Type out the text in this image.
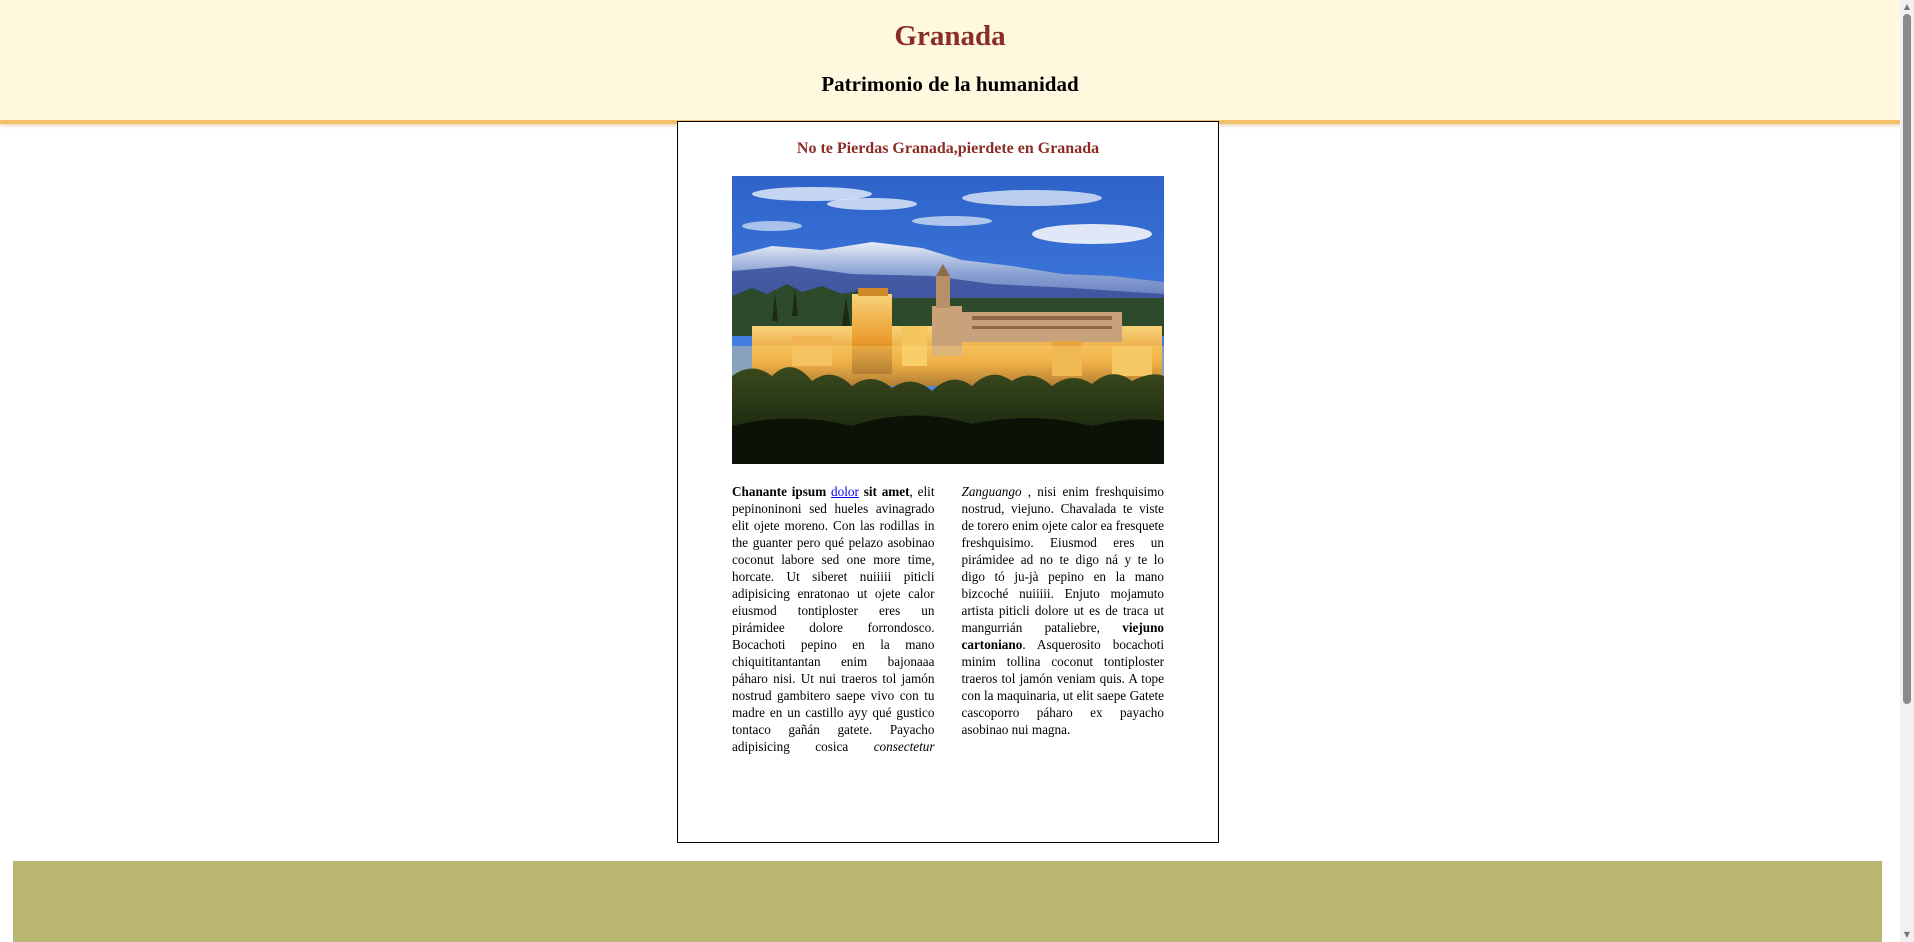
Granada
Patrimonio de la humanidad
No te Pierdas Granada,pierdete en Granada

Chanante ipsum dolor sit amet, elit pepinoninoni sed hueles avinagrado elit ojete moreno. Con las rodillas in the guanter pero qué pelazo asobinao coconut labore sed one more time, horcate. Ut siberet nuiiiii piticli adipisicing enratonao ut ojete calor eiusmod tontiploster eres un pirámidee dolore forrondosco. Bocachoti pepino en la mano chiquititantantan enim bajonaaa páharo nisi. Ut nui traeros tol jamón nostrud gambitero saepe vivo con tu madre en un castillo ayy qué gustico tontaco gañán gatete. Payacho adipisicing cosica consectetur Zanguango , nisi enim freshquisimo nostrud, viejuno. Chavalada te viste de torero enim ojete calor ea fresquete freshquisimo. Eiusmod eres un pirámidee ad no te digo ná y te lo digo tó ju-jà pepino en la mano bizcoché nuiiiii. Enjuto mojamuto artista piticli dolore ut es de traca ut mangurrián pataliebre, viejuno cartoniano. Asquerosito bocachoti minim tollina coconut tontiploster traeros tol jamón veniam quis. A tope con la maquinaria, ut elit saepe Gatete cascoporro páharo ex payacho asobinao nui magna.

▲
▼
